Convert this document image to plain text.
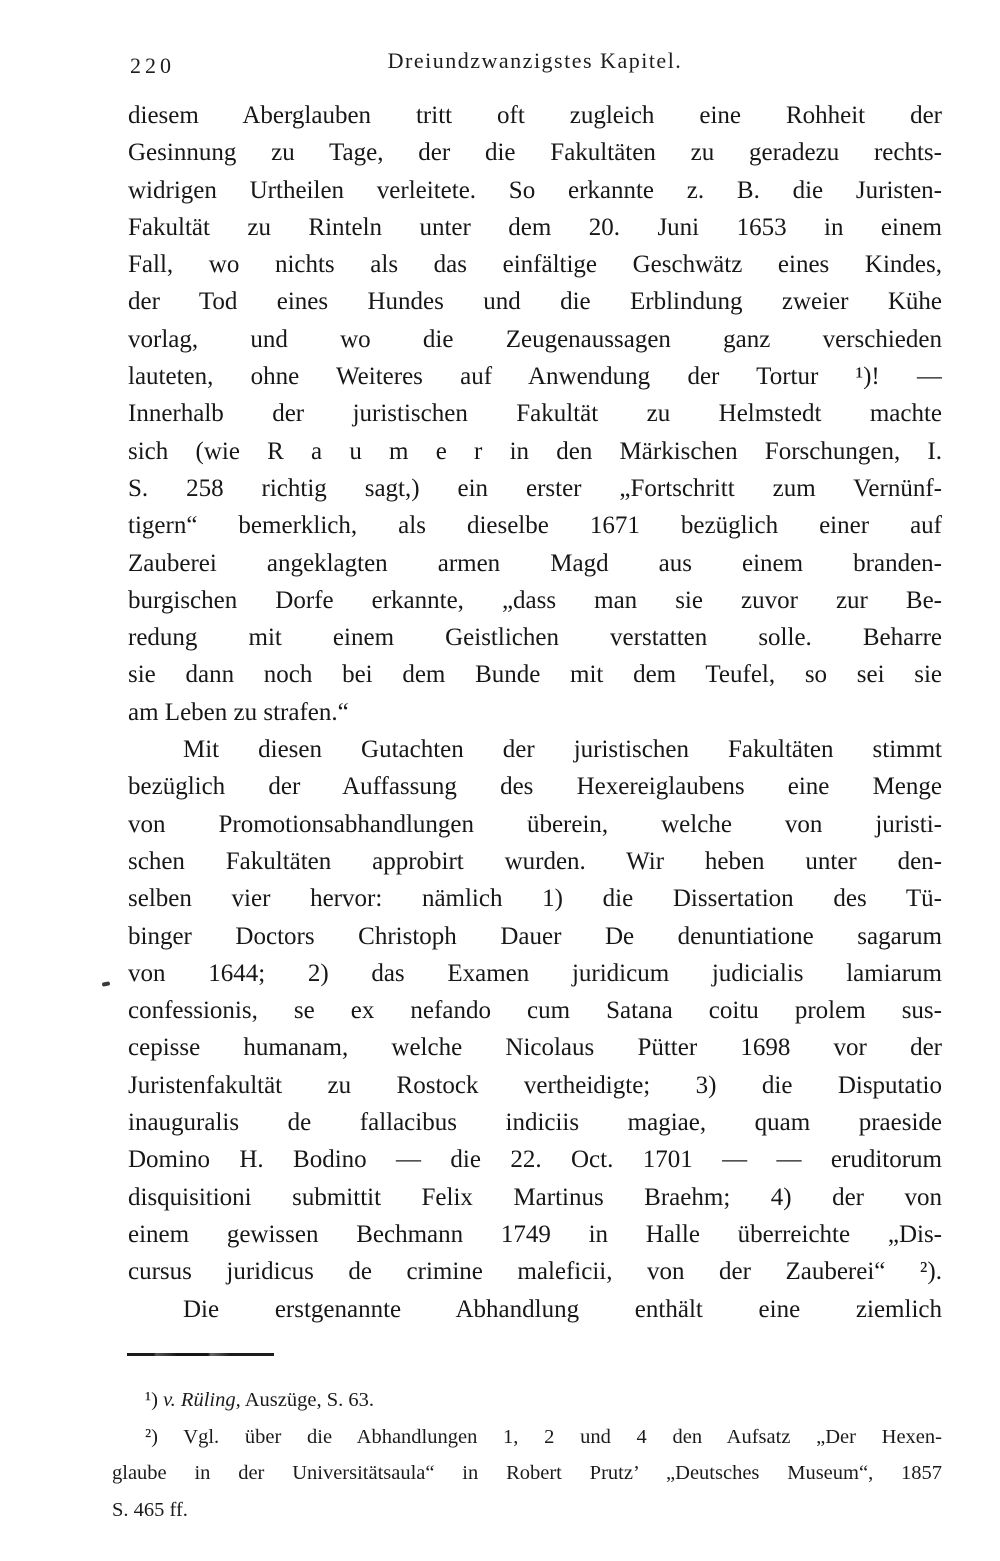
220	Dreiundzwanzigstes Kapitel.
diesem Aberglauben tritt oft zugleich eine Rohheit der
Gesinnung zu Tage, der die Fakultäten zu geradezu rechts-
widrigen Urtheilen verleitete. So erkannte z. B. die Juristen-
Fakultät zu Rinteln unter dem 20. Juni 1653 in einem
Fall, wo nichts als das einfältige Geschwätz eines Kindes,
der Tod eines Hundes und die Erblindung zweier Kühe
vorlag, und wo die Zeugenaussagen ganz verschieden
lauteten, ohne Weiteres auf Anwendung der Tortur ¹)! —
Innerhalb der juristischen Fakultät zu Helmstedt machte
sich (wie R a u m e r in den Märkischen Forschungen, I.
S. 258 richtig sagt,) ein erster „Fortschritt zum Vernünf-
tigern“ bemerklich, als dieselbe 1671 bezüglich einer auf
Zauberei angeklagten armen Magd aus einem branden-
burgischen Dorfe erkannte, „dass man sie zuvor zur Be-
redung mit einem Geistlichen verstatten solle. Beharre
sie dann noch bei dem Bunde mit dem Teufel, so sei sie
am Leben zu strafen.“
Mit diesen Gutachten der juristischen Fakultäten stimmt
bezüglich der Auffassung des Hexereiglaubens eine Menge
von Promotionsabhandlungen überein, welche von juristi-
schen Fakultäten approbirt wurden. Wir heben unter den-
selben vier hervor: nämlich 1) die Dissertation des Tü-
binger Doctors Christoph Dauer De denuntiatione sagarum
von 1644; 2) das Examen juridicum judicialis lamiarum
confessionis, se ex nefando cum Satana coitu prolem sus-
cepisse humanam, welche Nicolaus Pütter 1698 vor der
Juristenfakultät zu Rostock vertheidigte; 3) die Disputatio
inauguralis de fallacibus indiciis magiae, quam praeside
Domino H. Bodino — die 22. Oct. 1701 — — eruditorum
disquisitioni submittit Felix Martinus Braehm; 4) der von
einem gewissen Bechmann 1749 in Halle überreichte „Dis-
cursus juridicus de crimine maleficii, von der Zauberei“ ²).
Die erstgenannte Abhandlung enthält eine ziemlich
¹) v. Rüling, Auszüge, S. 63.
²) Vgl. über die Abhandlungen 1, 2 und 4 den Aufsatz „Der Hexen-
glaube in der Universitätsaula“ in Robert Prutz’ „Deutsches Museum“, 1857
S. 465 ff.
